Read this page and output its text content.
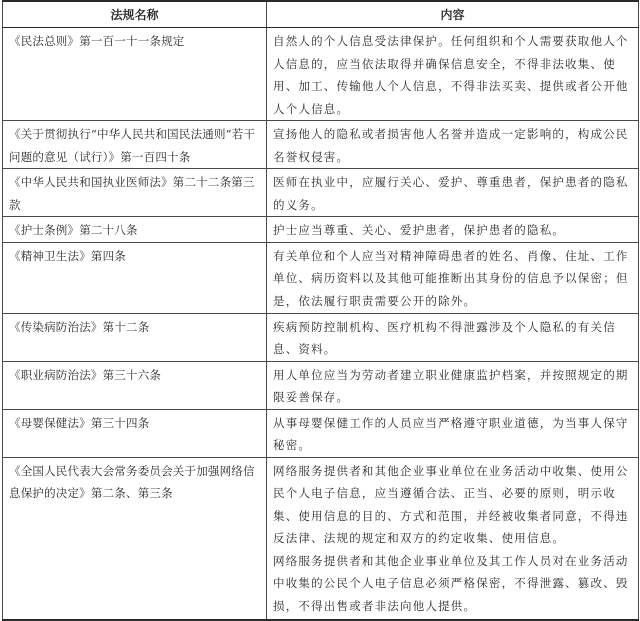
法规名称	内容
《民法总则》第一百一十一条规定	自然人的个人信息受法律保护。任何组织和个人需要获取他人个人信息的，应当依法取得并确保信息安全，不得非法收集、使用、加工、传输他人个人信息，不得非法买卖、提供或者公开他人个人信息。

《关于贯彻执行“中华人民共和国民法通则”若干问题的意见（试行）》第一百四十条	宣扬他人的隐私或者损害他人名誉并造成一定影响的，构成公民名誉权侵害。

《中华人民共和国执业医师法》第二十二条第三款	医师在执业中，应履行关心、爱护、尊重患者，保护患者的隐私的义务。

《护士条例》第二十八条	护士应当尊重、关心、爱护患者，保护患者的隐私。

《精神卫生法》第四条	有关单位和个人应当对精神障碍患者的姓名、肖像、住址、工作单位、病历资料以及其他可能推断出其身份的信息予以保密；但是，依法履行职责需要公开的除外。

《传染病防治法》第十二条	疾病预防控制机构、医疗机构不得泄露涉及个人隐私的有关信息、资料。

《职业病防治法》第三十六条	用人单位应当为劳动者建立职业健康监护档案，并按照规定的期限妥善保存。

《母婴保健法》第三十四条	从事母婴保健工作的人员应当严格遵守职业道德，为当事人保守秘密。

《全国人民代表大会常务委员会关于加强网络信息保护的决定》第二条、第三条	网络服务提供者和其他企业事业单位在业务活动中收集、使用公民个人电子信息，应当遵循合法、正当、必要的原则，明示收集、使用信息的目的、方式和范围，并经被收集者同意，不得违反法律、法规的规定和双方的约定收集、使用信息。
网络服务提供者和其他企业事业单位及其工作人员对在业务活动中收集的公民个人电子信息必须严格保密，不得泄露、篡改、毁损，不得出售或者非法向他人提供。
